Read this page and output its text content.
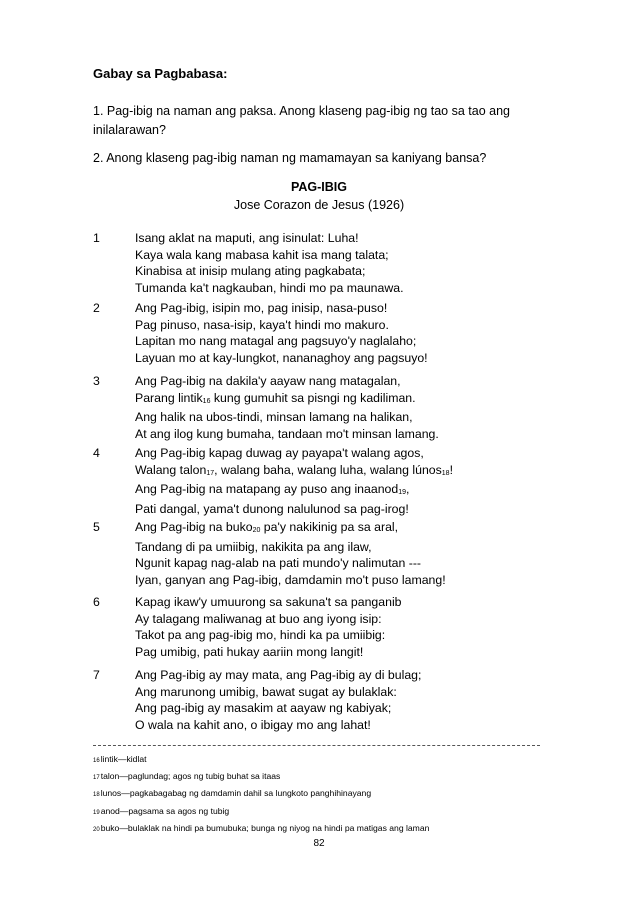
Gabay sa Pagbabasa:
1. Pag-ibig na naman ang paksa. Anong klaseng pag-ibig ng tao sa tao ang inilalarawan?
2. Anong klaseng pag-ibig naman ng mamamayan sa kaniyang bansa?
PAG-IBIG
Jose Corazon de Jesus (1926)
1	Isang aklat na maputi, ang isinulat: Luha!
Kaya wala kang mabasa kahit isa mang talata;
Kinabisa at inisip mulang ating pagkabata;
Tumanda ka't nagkauban, hindi mo pa maunawa.
2	Ang Pag-ibig, isipin mo, pag inisip, nasa-puso!
Pag pinuso, nasa-isip, kaya't hindi mo makuro.
Lapitan mo nang matagal ang pagsuyo'y naglalaho;
Layuan mo at kay-lungkot, nananaghoy ang pagsuyo!
3	Ang Pag-ibig na dakila'y aayaw nang matagalan,
Parang lintik$^{16}$ kung gumuhit sa pisngi ng kadiliman.
Ang halik na ubos-tindi, minsan lamang na halikan,
At ang ilog kung bumaha, tandaan mo't minsan lamang.
4	Ang Pag-ibig kapag duwag ay payapa't walang agos,
Walang talon$^{17}$, walang baha, walang luha, walang lúnos$^{18}$!
Ang Pag-ibig na matapang ay puso ang inaanod$^{19}$,
Pati dangal, yama't dunong nalulunod sa pag-irog!
5	Ang Pag-ibig na buko$^{20}$ pa'y nakikinig pa sa aral,
Tandang di pa umiibig, nakikita pa ang ilaw,
Ngunit kapag nag-alab na pati mundo'y nalimutan ---
Iyan, ganyan ang Pag-ibig, damdamin mo't puso lamang!
6	Kapag ikaw'y umuurong sa sakuna't sa panganib
Ay talagang maliwanag at buo ang iyong isip:
Takot pa ang pag-ibig mo, hindi ka pa umiibig:
Pag umibig, pati hukay aariin mong langit!
7	Ang Pag-ibig ay may mata, ang Pag-ibig ay di bulag;
Ang marunong umibig, bawat sugat ay bulaklak:
Ang pag-ibig ay masakim at aayaw ng kabiyak;
O wala na kahit ano, o ibigay mo ang lahat!
16lintik—kidlat
17talon—paglundag; agos ng tubig buhat sa itaas
18lunos—pagkabagabag ng damdamin dahil sa lungkoto panghihinayang
19anod—pagsama sa agos ng tubig
20buko—bulaklak na hindi pa bumubuka; bunga ng niyog na hindi pa matigas ang laman
82
